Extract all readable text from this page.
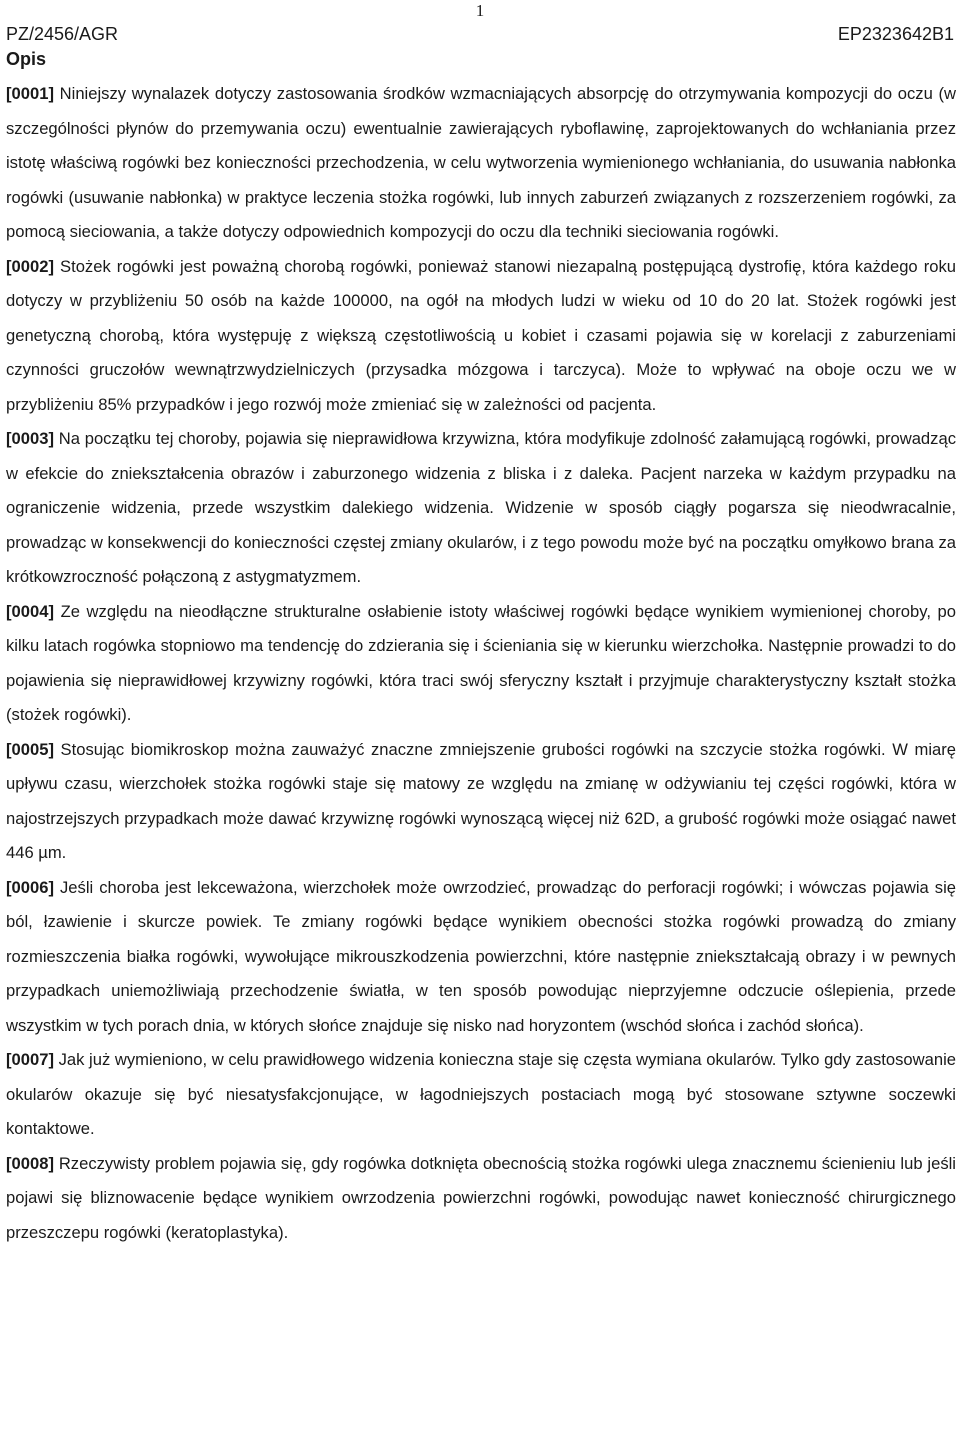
1
PZ/2456/AGR	EP2323642B1
Opis

[0001] Niniejszy wynalazek dotyczy zastosowania środków wzmacniających absorpcję do otrzymywania kompozycji do oczu (w szczególności płynów do przemywania oczu) ewentualnie zawierających ryboflawinę, zaprojektowanych do wchłaniania przez istotę właściwą rogówki bez konieczności przechodzenia, w celu wytworzenia wymienionego wchłaniania, do usuwania nabłonka rogówki (usuwanie nabłonka) w praktyce leczenia stożka rogówki, lub innych zaburzeń związanych z rozszerzeniem rogówki, za pomocą sieciowania, a także dotyczy odpowiednich kompozycji do oczu dla techniki sieciowania rogówki.

[0002] Stożek rogówki jest poważną chorobą rogówki, ponieważ stanowi niezapalną postępującą dystrofię, która każdego roku dotyczy w przybliżeniu 50 osób na każde 100000, na ogół na młodych ludzi w wieku od 10 do 20 lat. Stożek rogówki jest genetyczną chorobą, która występuję z większą częstotliwością u kobiet i czasami pojawia się w korelacji z zaburzeniami czynności gruczołów wewnątrzwydzielniczych (przysadka mózgowa i tarczyca). Może to wpływać na oboje oczu we w przybliżeniu 85% przypadków i jego rozwój może zmieniać się w zależności od pacjenta.

[0003] Na początku tej choroby, pojawia się nieprawidłowa krzywizna, która modyfikuje zdolność załamującą rogówki, prowadząc w efekcie do zniekształcenia obrazów i zaburzonego widzenia z bliska i z daleka. Pacjent narzeka w każdym przypadku na ograniczenie widzenia, przede wszystkim dalekiego widzenia. Widzenie w sposób ciągły pogarsza się nieodwracalnie, prowadząc w konsekwencji do konieczności częstej zmiany okularów, i z tego powodu może być na początku omyłkowo brana za krótkowzroczność połączoną z astygmatyzmem.

[0004] Ze względu na nieodłączne strukturalne osłabienie istoty właściwej rogówki będące wynikiem wymienionej choroby, po kilku latach rogówka stopniowo ma tendencję do zdzierania się i ścieniania się w kierunku wierzchołka. Następnie prowadzi to do pojawienia się nieprawidłowej krzywizny rogówki, która traci swój sferyczny kształt i przyjmuje charakterystyczny kształt stożka (stożek rogówki).

[0005] Stosując biomikroskop można zauważyć znaczne zmniejszenie grubości rogówki na szczycie stożka rogówki. W miarę upływu czasu, wierzchołek stożka rogówki staje się matowy ze względu na zmianę w odżywianiu tej części rogówki, która w najostrzejszych przypadkach może dawać krzywiznę rogówki wynoszącą więcej niż 62D, a grubość rogówki może osiągać nawet 446 µm.

[0006] Jeśli choroba jest lekceważona, wierzchołek może owrzodzieć, prowadząc do perforacji rogówki; i wówczas pojawia się ból, łzawienie i skurcze powiek. Te zmiany rogówki będące wynikiem obecności stożka rogówki prowadzą do zmiany rozmieszczenia białka rogówki, wywołujące mikrouszkodzenia powierzchni, które następnie zniekształcają obrazy i w pewnych przypadkach uniemożliwiają przechodzenie światła, w ten sposób powodując nieprzyjemne odczucie oślepienia, przede wszystkim w tych porach dnia, w których słońce znajduje się nisko nad horyzontem (wschód słońca i zachód słońca).

[0007] Jak już wymieniono, w celu prawidłowego widzenia konieczna staje się częsta wymiana okularów. Tylko gdy zastosowanie okularów okazuje się być niesatysfakcjonujące, w łagodniejszych postaciach mogą być stosowane sztywne soczewki kontaktowe.

[0008] Rzeczywisty problem pojawia się, gdy rogówka dotknięta obecnością stożka rogówki ulega znacznemu ścienieniu lub jeśli pojawi się bliznowacenie będące wynikiem owrzodzenia powierzchni rogówki, powodując nawet konieczność chirurgicznego przeszczepu rogówki (keratoplastyka).
